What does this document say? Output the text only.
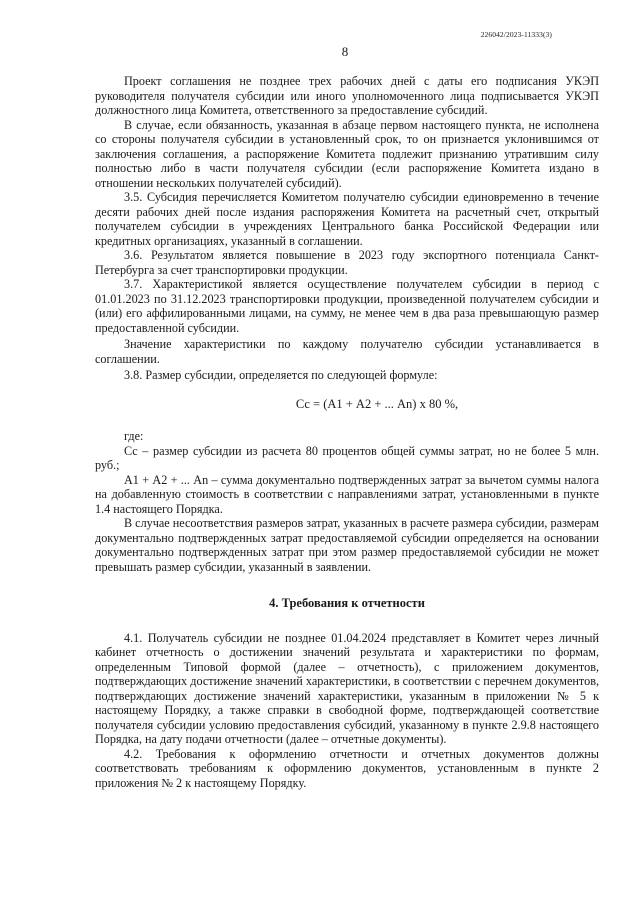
226042/2023-11333(3)
8

Проект соглашения не позднее трех рабочих дней с даты его подписания УКЭП руководителя получателя субсидии или иного уполномоченного лица подписывается УКЭП должностного лица Комитета, ответственного за предоставление субсидий.

В случае, если обязанность, указанная в абзаце первом настоящего пункта, не исполнена со стороны получателя субсидии в установленный срок, то он признается уклонившимся от заключения соглашения, а распоряжение Комитета подлежит признанию утратившим силу полностью либо в части получателя субсидии (если распоряжение Комитета издано в отношении нескольких получателей субсидий).

3.5. Субсидия перечисляется Комитетом получателю субсидии единовременно в течение десяти рабочих дней после издания распоряжения Комитета на расчетный счет, открытый получателем субсидии в учреждениях Центрального банка Российской Федерации или кредитных организациях, указанный в соглашении.

3.6. Результатом является повышение в 2023 году экспортного потенциала Санкт-Петербурга за счет транспортировки продукции.

3.7. Характеристикой является осуществление получателем субсидии в период с 01.01.2023 по 31.12.2023 транспортировки продукции, произведенной получателем субсидии и (или) его аффилированными лицами, на сумму, не менее чем в два раза превышающую размер предоставленной субсидии.

Значение характеристики по каждому получателю субсидии устанавливается в соглашении.

3.8. Размер субсидии, определяется по следующей формуле:

Сс = (А1 + А2 + ... Аn) х 80 %,

где:

Сс – размер субсидии из расчета 80 процентов общей суммы затрат, но не более 5 млн. руб.;

А1 + А2 + ... Аn – сумма документально подтвержденных затрат за вычетом суммы налога на добавленную стоимость в соответствии с направлениями затрат, установленными в пункте 1.4 настоящего Порядка.

В случае несоответствия размеров затрат, указанных в расчете размера субсидии, размерам документально подтвержденных затрат предоставляемой субсидии определяется на основании документально подтвержденных затрат при этом размер предоставляемой субсидии не может превышать размер субсидии, указанный в заявлении.

4. Требования к отчетности

4.1. Получатель субсидии не позднее 01.04.2024 представляет в Комитет через личный кабинет отчетность о достижении значений результата и характеристики по формам, определенным Типовой формой (далее – отчетность), с приложением документов, подтверждающих достижение значений характеристики, в соответствии с перечнем документов, подтверждающих достижение значений характеристики, указанным в приложении № 5 к настоящему Порядку, а также справки в свободной форме, подтверждающей соответствие получателя субсидии условию предоставления субсидий, указанному в пункте 2.9.8 настоящего Порядка, на дату подачи отчетности (далее – отчетные документы).

4.2. Требования к оформлению отчетности и отчетных документов должны соответствовать требованиям к оформлению документов, установленным в пункте 2 приложения № 2 к настоящему Порядку.
